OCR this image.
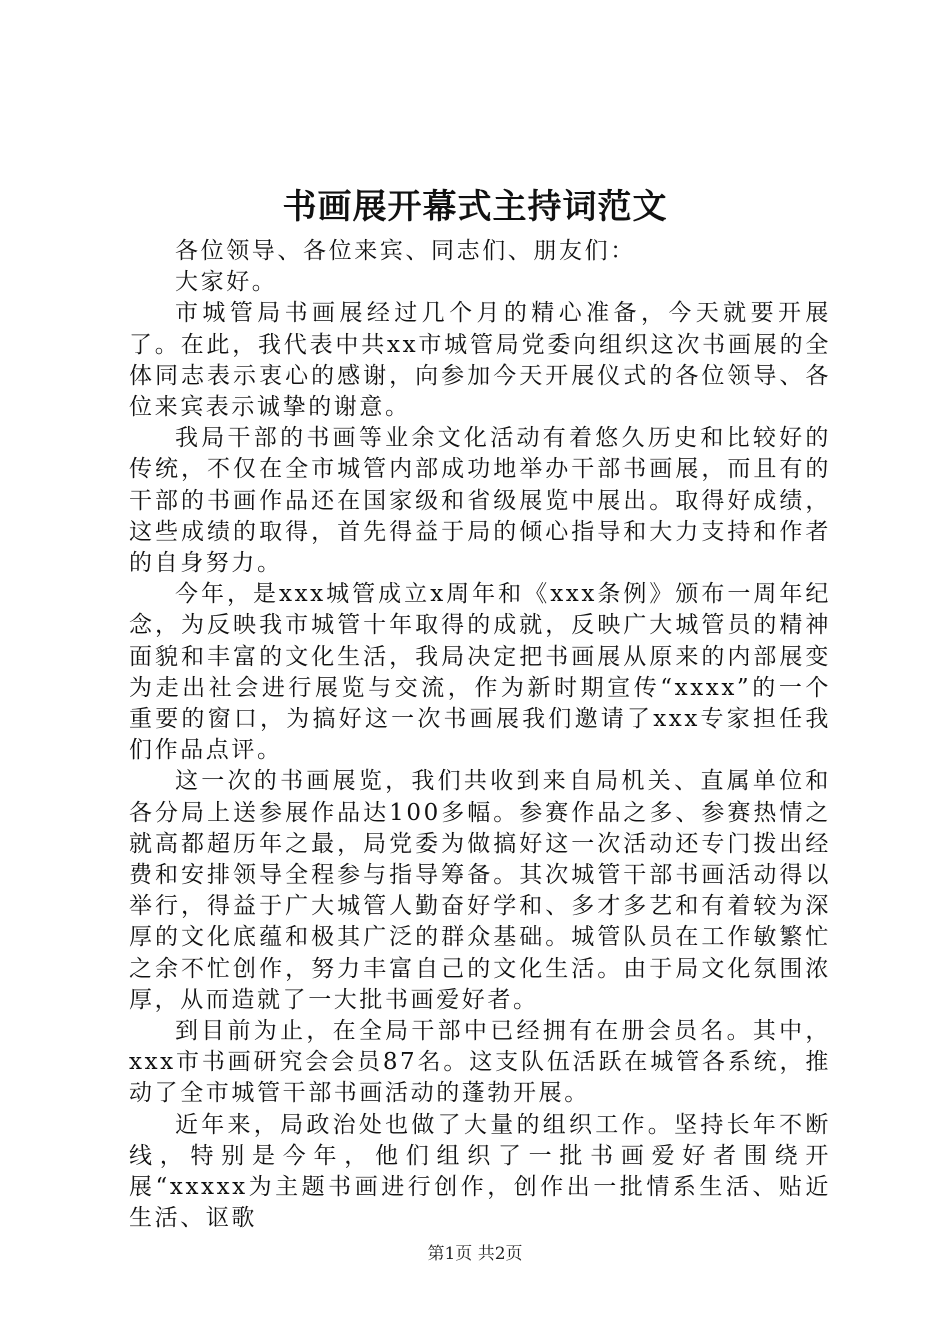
书画展开幕式主持词范文

各位领导、各位来宾、同志们、朋友们：

大家好。

市城管局书画展经过几个月的精心准备，今天就要开展了。在此，我代表中共xx市城管局党委向组织这次书画展的全体同志表示衷心的感谢，向参加今天开展仪式的各位领导、各位来宾表示诚挚的谢意。

我局干部的书画等业余文化活动有着悠久历史和比较好的传统，不仅在全市城管内部成功地举办干部书画展，而且有的干部的书画作品还在国家级和省级展览中展出。取得好成绩，这些成绩的取得，首先得益于局的倾心指导和大力支持和作者的自身努力。

今年，是xxx城管成立x周年和《xxx条例》颁布一周年纪念，为反映我市城管十年取得的成就，反映广大城管员的精神面貌和丰富的文化生活，我局决定把书画展从原来的内部展变为走出社会进行展览与交流，作为新时期宣传“xxxx”的一个重要的窗口，为搞好这一次书画展我们邀请了xxx专家担任我们作品点评。

这一次的书画展览，我们共收到来自局机关、直属单位和各分局上送参展作品达100多幅。参赛作品之多、参赛热情之就高都超历年之最，局党委为做搞好这一次活动还专门拨出经费和安排领导全程参与指导筹备。其次城管干部书画活动得以举行，得益于广大城管人勤奋好学和、多才多艺和有着较为深厚的文化底蕴和极其广泛的群众基础。城管队员在工作敏繁忙之余不忙创作，努力丰富自己的文化生活。由于局文化氛围浓厚，从而造就了一大批书画爱好者。

到目前为止，在全局干部中已经拥有在册会员名。其中，xxx市书画研究会会员87名。这支队伍活跃在城管各系统，推动了全市城管干部书画活动的蓬勃开展。

近年来，局政治处也做了大量的组织工作。坚持长年不断线，特别是今年，他们组织了一批书画爱好者围绕开展“xxxxx为主题书画进行创作，创作出一批情系生活、贴近生活、讴歌

第1页 共2页
